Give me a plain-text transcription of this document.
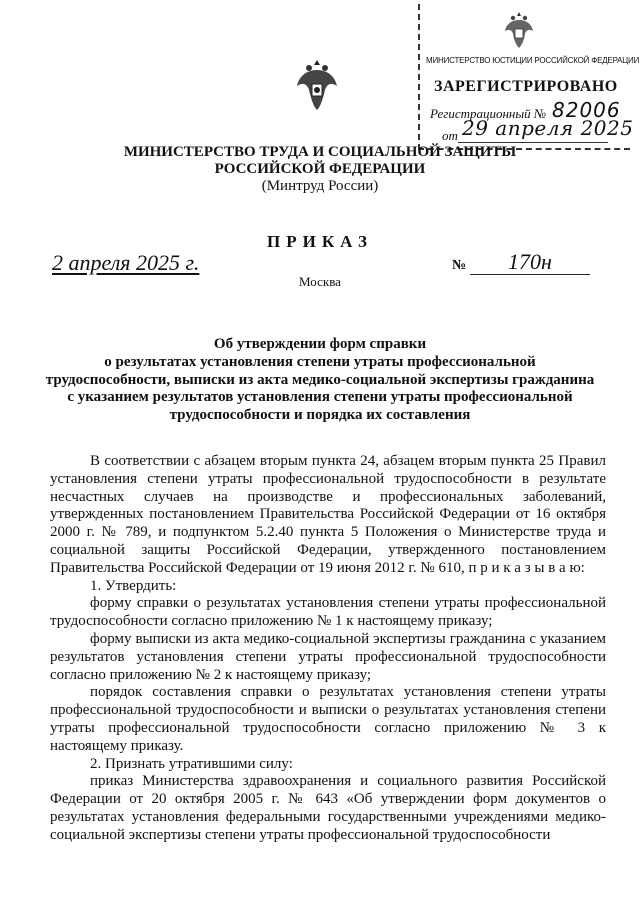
МИНИСТЕРСТВО ЮСТИЦИИ РОССИЙСКОЙ ФЕДЕРАЦИИ
ЗАРЕГИСТРИРОВАНО
Регистрационный № 82006
от 29 апреля 2025
МИНИСТЕРСТВО ТРУДА И СОЦИАЛЬНОЙ ЗАЩИТЫ
РОССИЙСКОЙ ФЕДЕРАЦИИ
(Минтруд России)
ПРИКАЗ
2 апреля 2025 г.
Москва
№	170н
Об утверждении форм справки
о результатах установления степени утраты профессиональной
трудоспособности, выписки из акта медико-социальной экспертизы гражданина
с указанием результатов установления степени утраты профессиональной
трудоспособности и порядка их составления

В соответствии с абзацем вторым пункта 24, абзацем вторым пункта 25 Правил установления степени утраты профессиональной трудоспособности в результате несчастных случаев на производстве и профессиональных заболеваний, утвержденных постановлением Правительства Российской Федерации от 16 октября 2000 г. № 789, и подпунктом 5.2.40 пункта 5 Положения о Министерстве труда и социальной защиты Российской Федерации, утвержденного постановлением Правительства Российской Федерации от 19 июня 2012 г. № 610, п р и к а з ы в а ю:

1. Утвердить:

форму справки о результатах установления степени утраты профессиональной трудоспособности согласно приложению № 1 к настоящему приказу;

форму выписки из акта медико-социальной экспертизы гражданина с указанием результатов установления степени утраты профессиональной трудоспособности согласно приложению № 2 к настоящему приказу;

порядок составления справки о результатах установления степени утраты профессиональной трудоспособности и выписки о результатах установления степени утраты профессиональной трудоспособности согласно приложению № 3 к настоящему приказу.

2. Признать утратившими силу:

приказ Министерства здравоохранения и социального развития Российской Федерации от 20 октября 2005 г. № 643 «Об утверждении форм документов о результатах установления федеральными государственными учреждениями медико-социальной экспертизы степени утраты профессиональной трудоспособности
